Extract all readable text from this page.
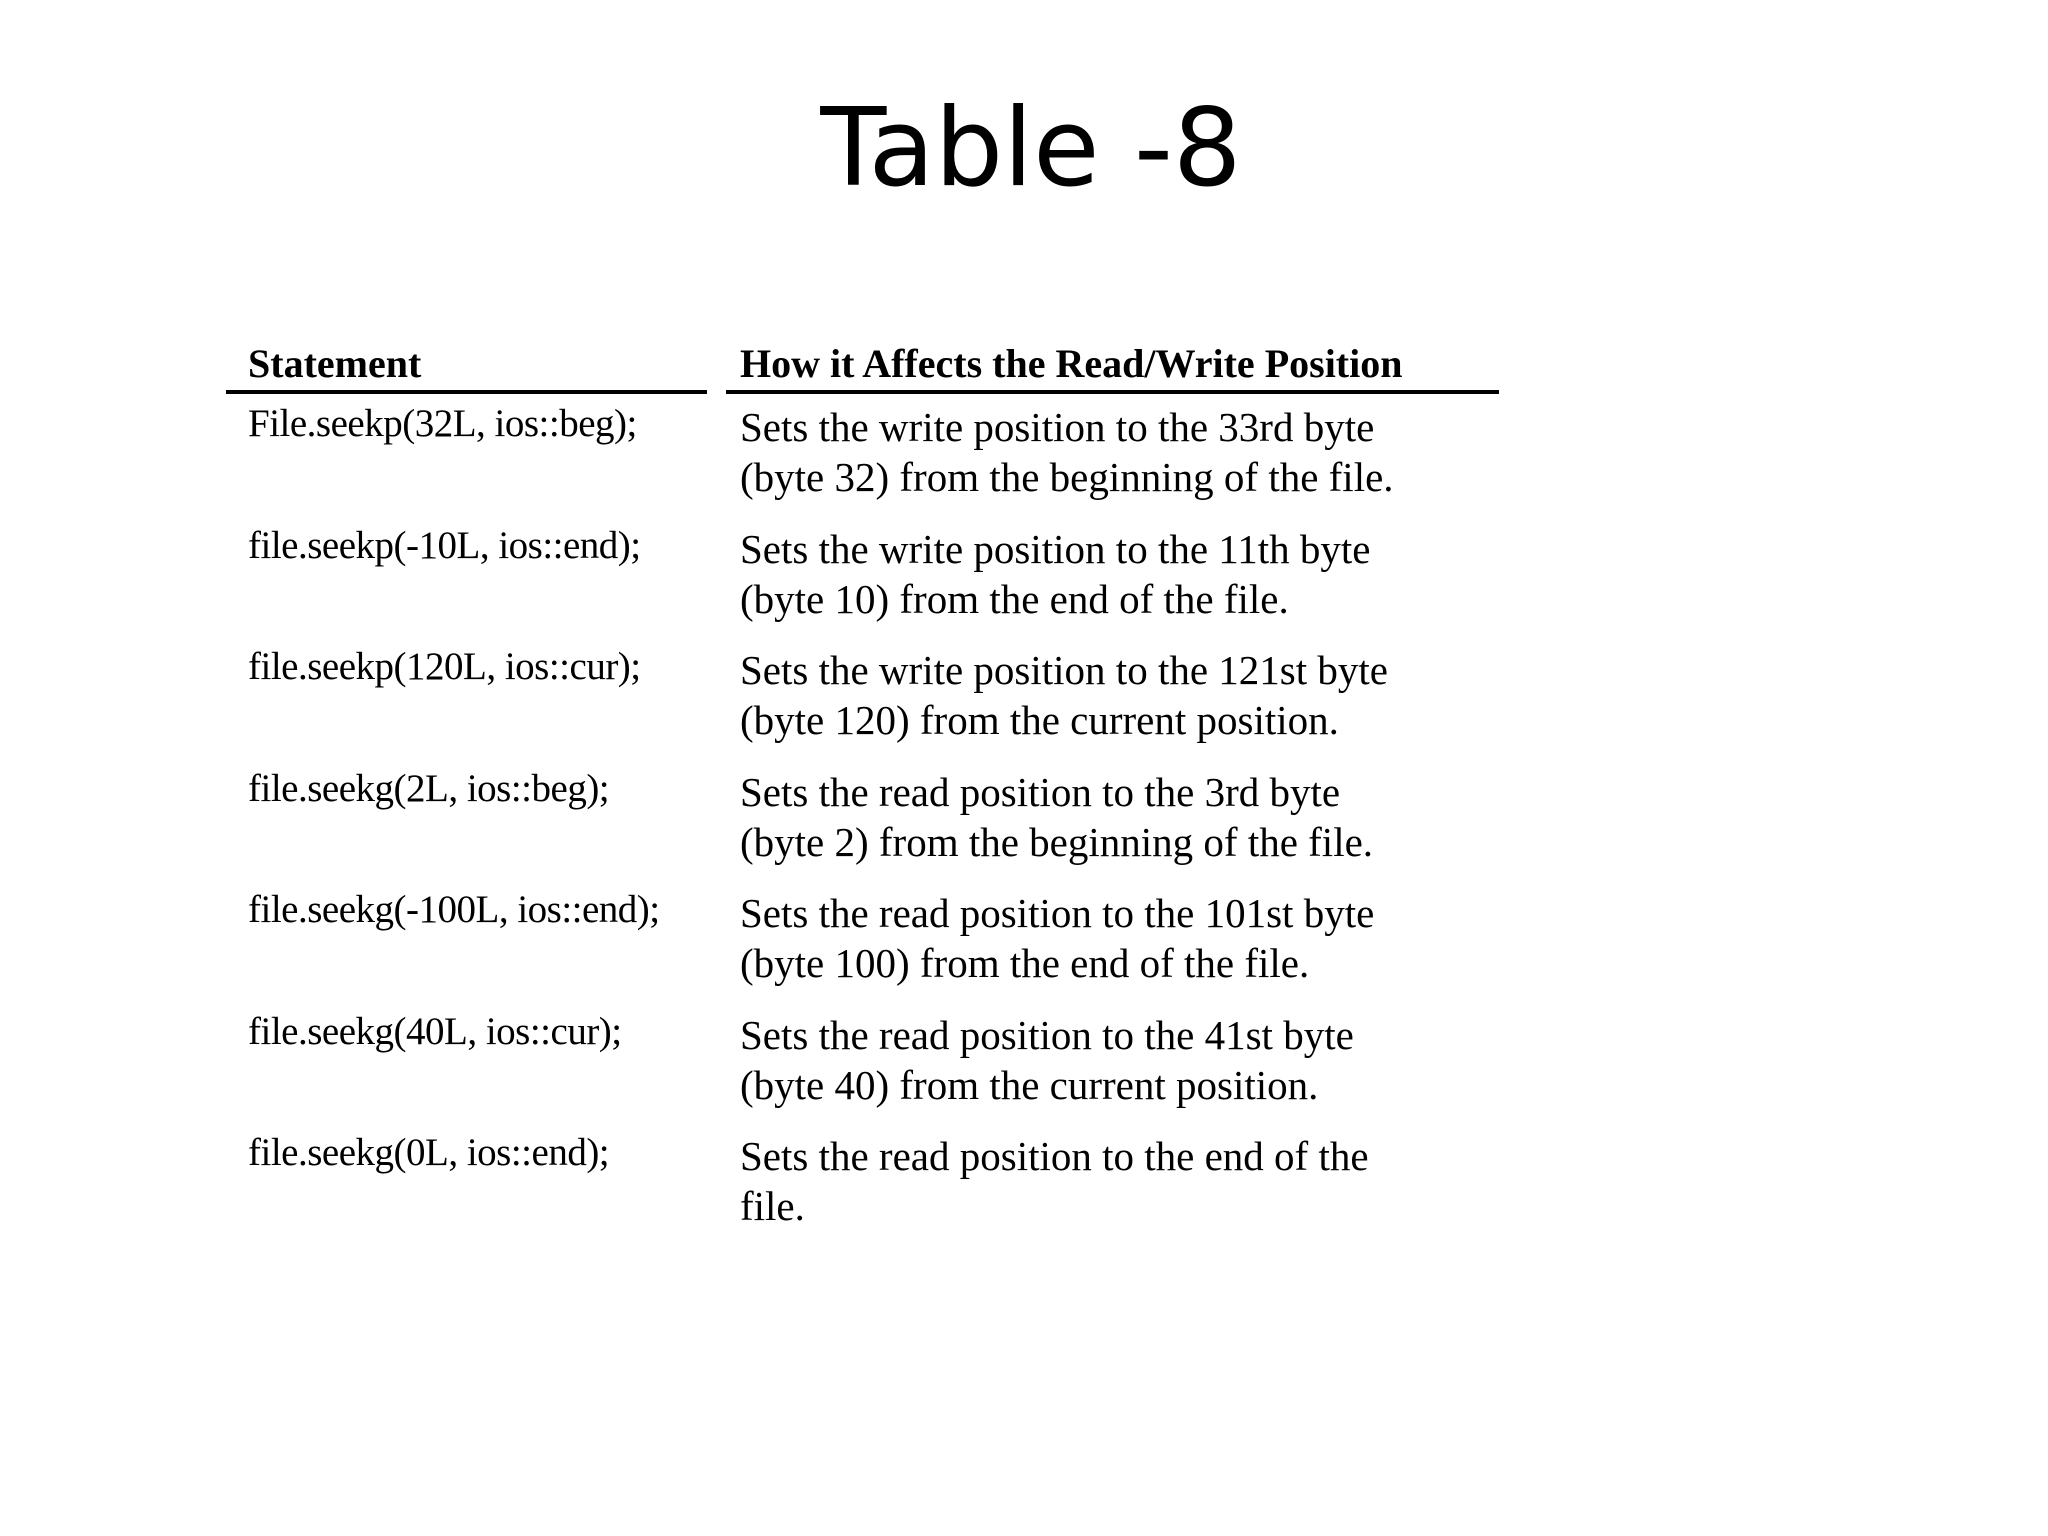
Table -8
Statement	How it Affects the Read/Write Position
File.seekp(32L, ios::beg);	Sets the write position to the 33rd byte
(byte 32) from the beginning of the file.
file.seekp(-10L, ios::end); Sets the write position to the 11th byte
(byte 10) from the end of the file.
file.seekp(120L, ios::cur); Sets the write position to the 121st byte
(byte 120) from the current position.
file.seekg(2L, ios::beg);	Sets the read position to the 3rd byte
(byte 2) from the beginning of the file.
file.seekg(-100L, ios::end); Sets the read position to the 101st byte
(byte 100) from the end of the file.
file.seekg(40L, ios::cur);	Sets the read position to the 41st byte
(byte 40) from the current position.
file.seekg(0L, ios::end);	Sets the read position to the end of the
file.
